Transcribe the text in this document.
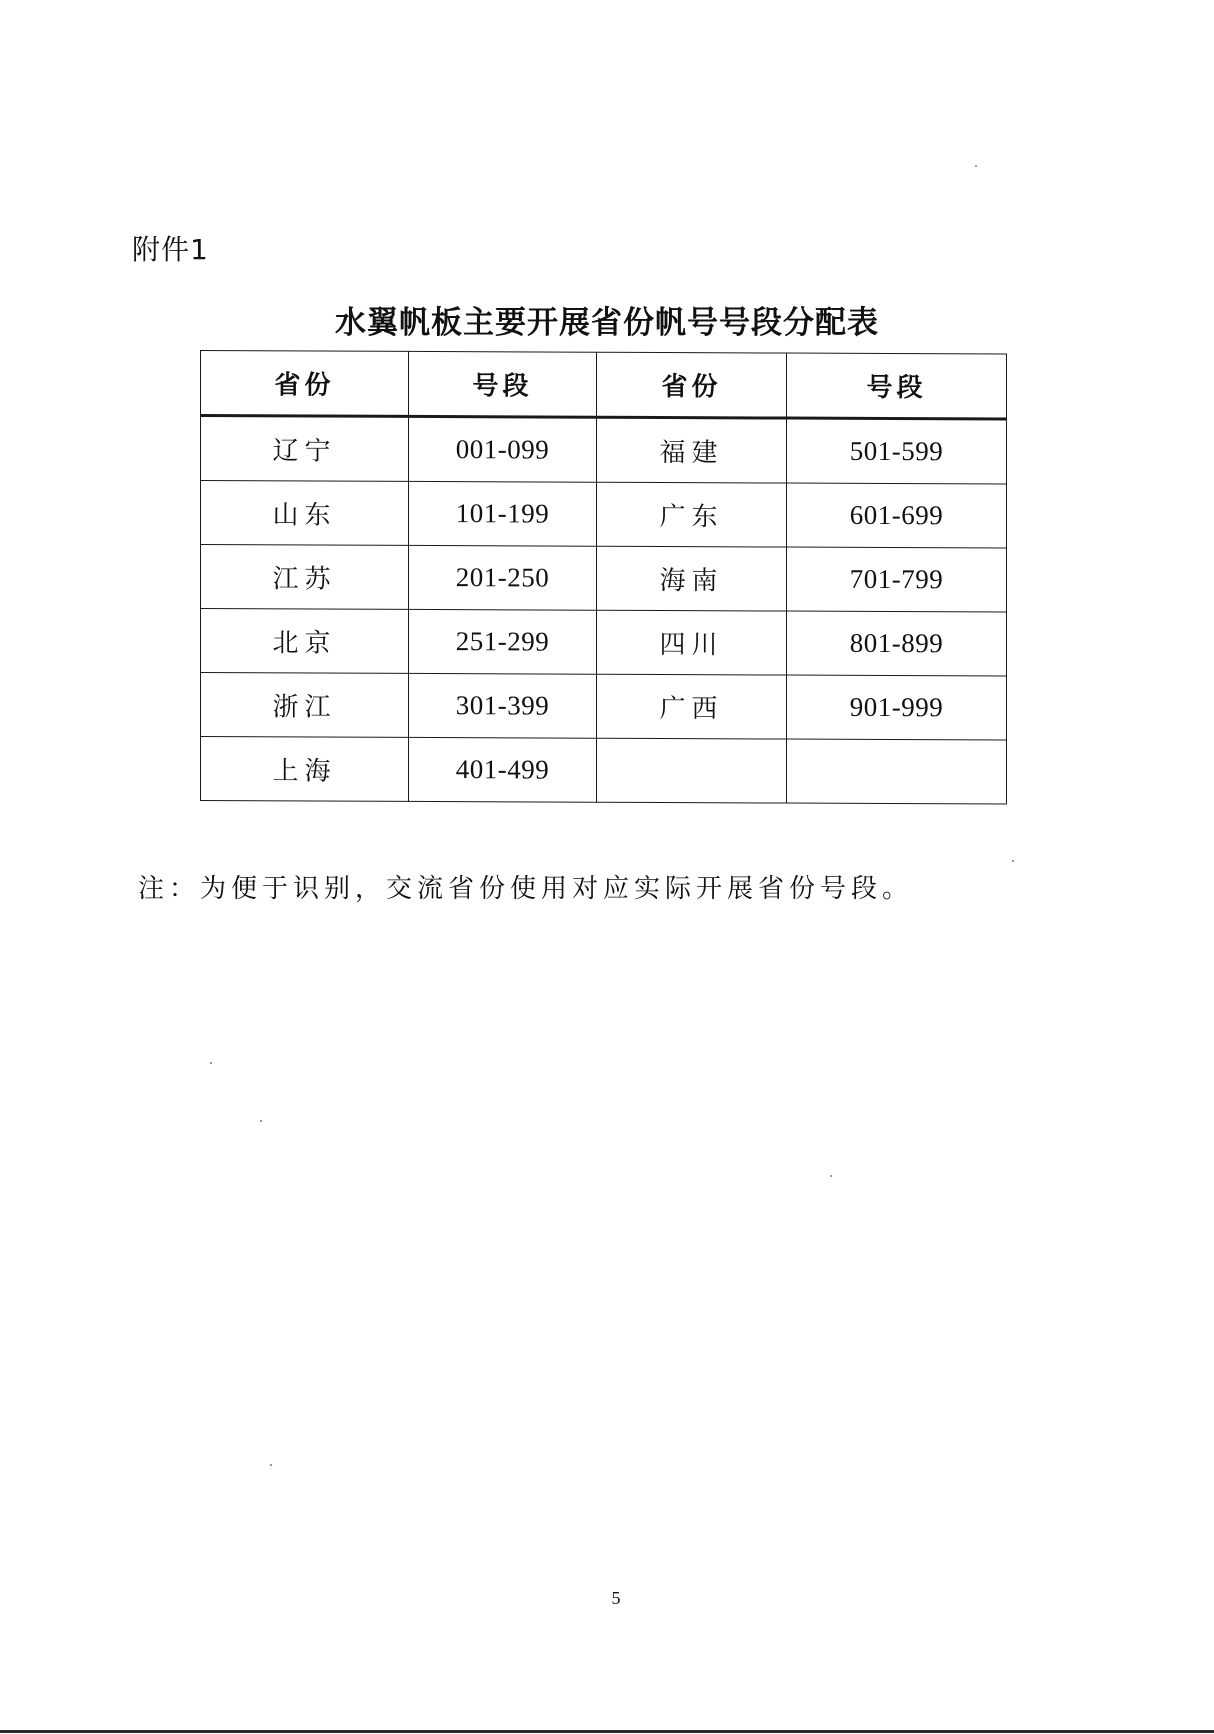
附件1
水翼帆板主要开展省份帆号号段分配表
省份	号段	省份	号段
辽宁	001-099	福建	501-599
山东	101-199	广东	601-699
江苏	201-250	海南	701-799
北京	251-299	四川	801-899
浙江	301-399	广西	901-999
上海	401-499		
注：为便于识别，交流省份使用对应实际开展省份号段。
5
